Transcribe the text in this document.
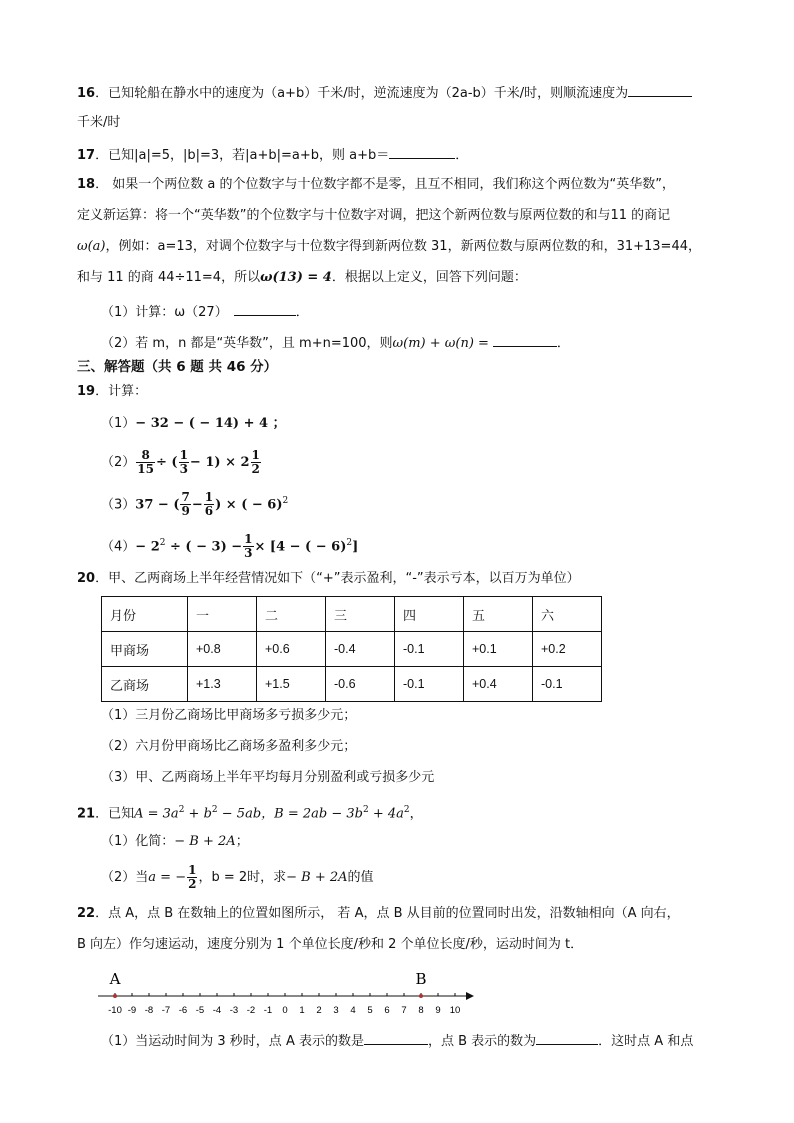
16．已知轮船在静水中的速度为（a+b）千米/时，逆流速度为（2a-b）千米/时，则顺流速度为
千米/时
17．已知|a|=5，|b|=3，若|a+b|=a+b，则 a+b＝	．
18． 如果一个两位数 a 的个位数字与十位数字都不是零，且互不相同，我们称这个两位数为“英华数”，
定义新运算：将一个“英华数”的个位数字与十位数字对调，把这个新两位数与原两位数的和与11 的商记
ω(a)，例如：a=13，对调个位数字与十位数字得到新两位数 31，新两位数与原两位数的和，31+13=44，
和与 11 的商 44÷11=4，所以ω(13) = 4．根据以上定义，回答下列问题：
（1）计算：ω（27）	．
（2）若 m，n 都是“英华数”，且 m+n=100，则ω(m) + ω(n) =	．
三、解答题（共 6 题 共 46 分）
19．计算：
（1）− 32 − ( − 14) + 4 ；
$(2) \frac{8}{15}$ ÷ ( $\frac{1}{3} - 1) \times 2 \frac{1}{2}$
（3）37 − ( $\frac{7}{9} - \frac{1}{6}$ ) × ( − 6)$^2$
$(4)- 2^2$ ÷ ( − $3) - \frac{1}{3} \times [4$ − ( − 6)$^2$]
20．甲、乙两商场上半年经营情况如下（“+”表示盈利，“-”表示亏本，以百万为单位）
月份	一	二	三	四	五	六
甲商场	+0.8	+0.6	-0.4	-0.1	+0.1	+0.2
乙商场	+1.3	+1.5	-0.6	-0.1	+0.4	-0.1
（1）三月份乙商场比甲商场多亏损多少元；
（2）六月份甲商场比乙商场多盈利多少元；
（3）甲、乙两商场上半年平均每月分别盈利或亏损多少元
21．已知$A = 3a^2 + b^2 - 5ab$，$B = 2ab - 3b^2 + 4a^2$，
（1）化简：− B + 2A；
（2）当a = − $\frac{1}{2}$ ，b = 2时，求− B + 2A的值
22．点 A，点 B 在数轴上的位置如图所示， 若 A，点 B 从目前的位置同时出发，沿数轴相向（A 向右，
B 向左）作匀速运动，速度分别为 1 个单位长度/秒和 2 个单位长度/秒，运动时间为 t．
-10 -9 -8 -7 -6 -5 -4 -3 -2 -1 0 1 2 3 4 5 6 7 8 9 10
A	B
（1）当运动时间为 3 秒时，点 A 表示的数是	，点 B 表示的数为	．这时点 A 和点
